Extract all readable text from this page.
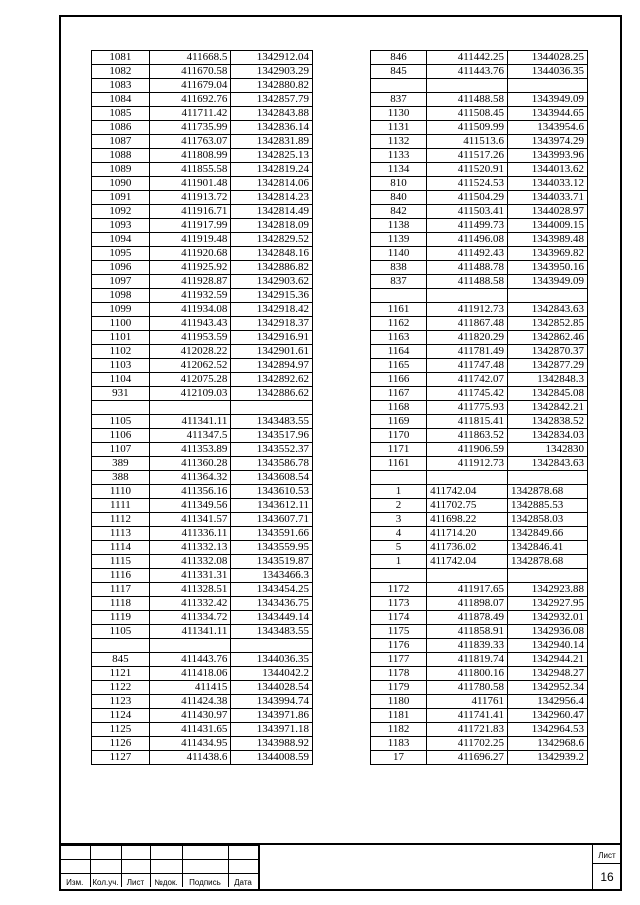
1081	411668.5	1342912.04
1082	411670.58	1342903.29
1083	411679.04	1342880.82
1084	411692.76	1342857.79
1085	411711.42	1342843.88
1086	411735.99	1342836.14
1087	411763.07	1342831.89
1088	411808.99	1342825.13
1089	411855.58	1342819.24
1090	411901.48	1342814.06
1091	411913.72	1342814.23
1092	411916.71	1342814.49
1093	411917.99	1342818.09
1094	411919.48	1342829.52
1095	411920.68	1342848.16
1096	411925.92	1342886.82
1097	411928.87	1342903.62
1098	411932.59	1342915.36
1099	411934.08	1342918.42
1100	411943.43	1342918.37
1101	411953.59	1342916.91
1102	412028.22	1342901.61
1103	412062.52	1342894.97
1104	412075.28	1342892.62
931	412109.03	1342886.62

1105	411341.11	1343483.55
1106	411347.5	1343517.96
1107	411353.89	1343552.37
389	411360.28	1343586.78
388	411364.32	1343608.54
1110	411356.16	1343610.53
1111	411349.56	1343612.11
1112	411341.57	1343607.71
1113	411336.11	1343591.66
1114	411332.13	1343559.95
1115	411332.08	1343519.87
1116	411331.31	1343466.3
1117	411328.51	1343454.25
1118	411332.42	1343436.75
1119	411334.72	1343449.14
1105	411341.11	1343483.55

845	411443.76	1344036.35
1121	411418.06	1344042.2
1122	411415	1344028.54
1123	411424.38	1343994.74
1124	411430.97	1343971.86
1125	411431.65	1343971.18
1126	411434.95	1343988.92
1127	411438.6	1344008.59
846	411442.25	1344028.25
845	411443.76	1344036.35

837	411488.58	1343949.09
1130	411508.45	1343944.65
1131	411509.99	1343954.6
1132	411513.6	1343974.29
1133	411517.26	1343993.96
1134	411520.91	1344013.62
810	411524.53	1344033.12
840	411504.29	1344033.71
842	411503.41	1344028.97
1138	411499.73	1344009.15
1139	411496.08	1343989.48
1140	411492.43	1343969.82
838	411488.78	1343950.16
837	411488.58	1343949.09

1161	411912.73	1342843.63
1162	411867.48	1342852.85
1163	411820.29	1342862.46
1164	411781.49	1342870.37
1165	411747.48	1342877.29
1166	411742.07	1342848.3
1167	411745.42	1342845.08
1168	411775.93	1342842.21
1169	411815.41	1342838.52
1170	411863.52	1342834.03
1171	411906.59	1342830
1161	411912.73	1342843.63

1	411742.04	1342878.68
2	411702.75	1342885.53
3	411698.22	1342858.03
4	411714.20	1342849.66
5	411736.02	1342846.41
1	411742.04	1342878.68

1172	411917.65	1342923.88
1173	411898.07	1342927.95
1174	411878.49	1342932.01
1175	411858.91	1342936.08
1176	411839.33	1342940.14
1177	411819.74	1342944.21
1178	411800.16	1342948.27
1179	411780.58	1342952.34
1180	411761	1342956.4
1181	411741.41	1342960.47
1182	411721.83	1342964.53
1183	411702.25	1342968.6
17	411696.27	1342939.2

Изм.	Кол.уч.	Лист	№док.	Подпись	Дата
Лист
16
